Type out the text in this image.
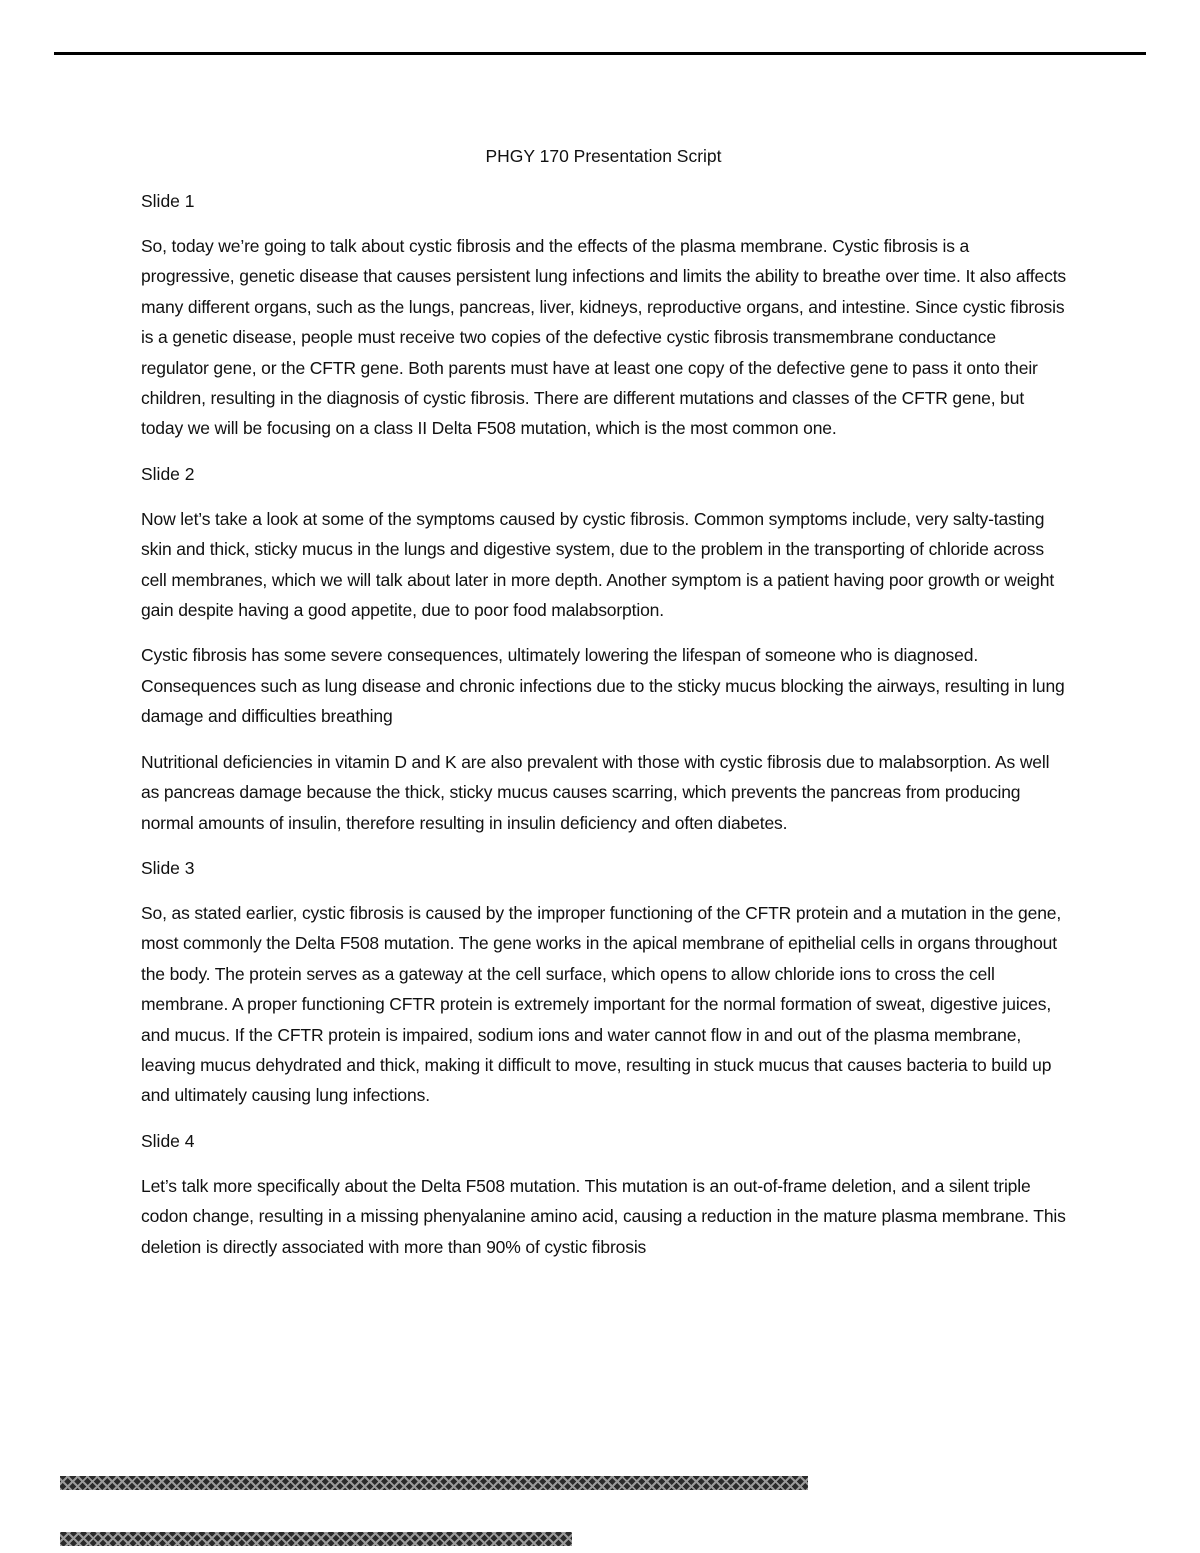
PHGY 170 Presentation Script
Slide 1

So, today we’re going to talk about cystic fibrosis and the effects of the plasma membrane. Cystic fibrosis is a progressive, genetic disease that causes persistent lung infections and limits the ability to breathe over time. It also affects many different organs, such as the lungs, pancreas, liver, kidneys, reproductive organs, and intestine. Since cystic fibrosis is a genetic disease, people must receive two copies of the defective cystic fibrosis transmembrane conductance regulator gene, or the CFTR gene. Both parents must have at least one copy of the defective gene to pass it onto their children, resulting in the diagnosis of cystic fibrosis. There are different mutations and classes of the CFTR gene, but today we will be focusing on a class II Delta F508 mutation, which is the most common one.

Slide 2

Now let’s take a look at some of the symptoms caused by cystic fibrosis. Common symptoms include, very salty-tasting skin and thick, sticky mucus in the lungs and digestive system, due to the problem in the transporting of chloride across cell membranes, which we will talk about later in more depth. Another symptom is a patient having poor growth or weight gain despite having a good appetite, due to poor food malabsorption.

Cystic fibrosis has some severe consequences, ultimately lowering the lifespan of someone who is diagnosed. Consequences such as lung disease and chronic infections due to the sticky mucus blocking the airways, resulting in lung damage and difficulties breathing

Nutritional deficiencies in vitamin D and K are also prevalent with those with cystic fibrosis due to malabsorption. As well as pancreas damage because the thick, sticky mucus causes scarring, which prevents the pancreas from producing normal amounts of insulin, therefore resulting in insulin deficiency and often diabetes.

Slide 3

So, as stated earlier, cystic fibrosis is caused by the improper functioning of the CFTR protein and a mutation in the gene, most commonly the Delta F508 mutation. The gene works in the apical membrane of epithelial cells in organs throughout the body. The protein serves as a gateway at the cell surface, which opens to allow chloride ions to cross the cell membrane. A proper functioning CFTR protein is extremely important for the normal formation of sweat, digestive juices, and mucus. If the CFTR protein is impaired, sodium ions and water cannot flow in and out of the plasma membrane, leaving mucus dehydrated and thick, making it difficult to move, resulting in stuck mucus that causes bacteria to build up and ultimately causing lung infections.

Slide 4

Let’s talk more specifically about the Delta F508 mutation. This mutation is an out-of-frame deletion, and a silent triple codon change, resulting in a missing phenyalanine amino acid, causing a reduction in the mature plasma membrane. This deletion is directly associated with more than 90% of cystic fibrosis
